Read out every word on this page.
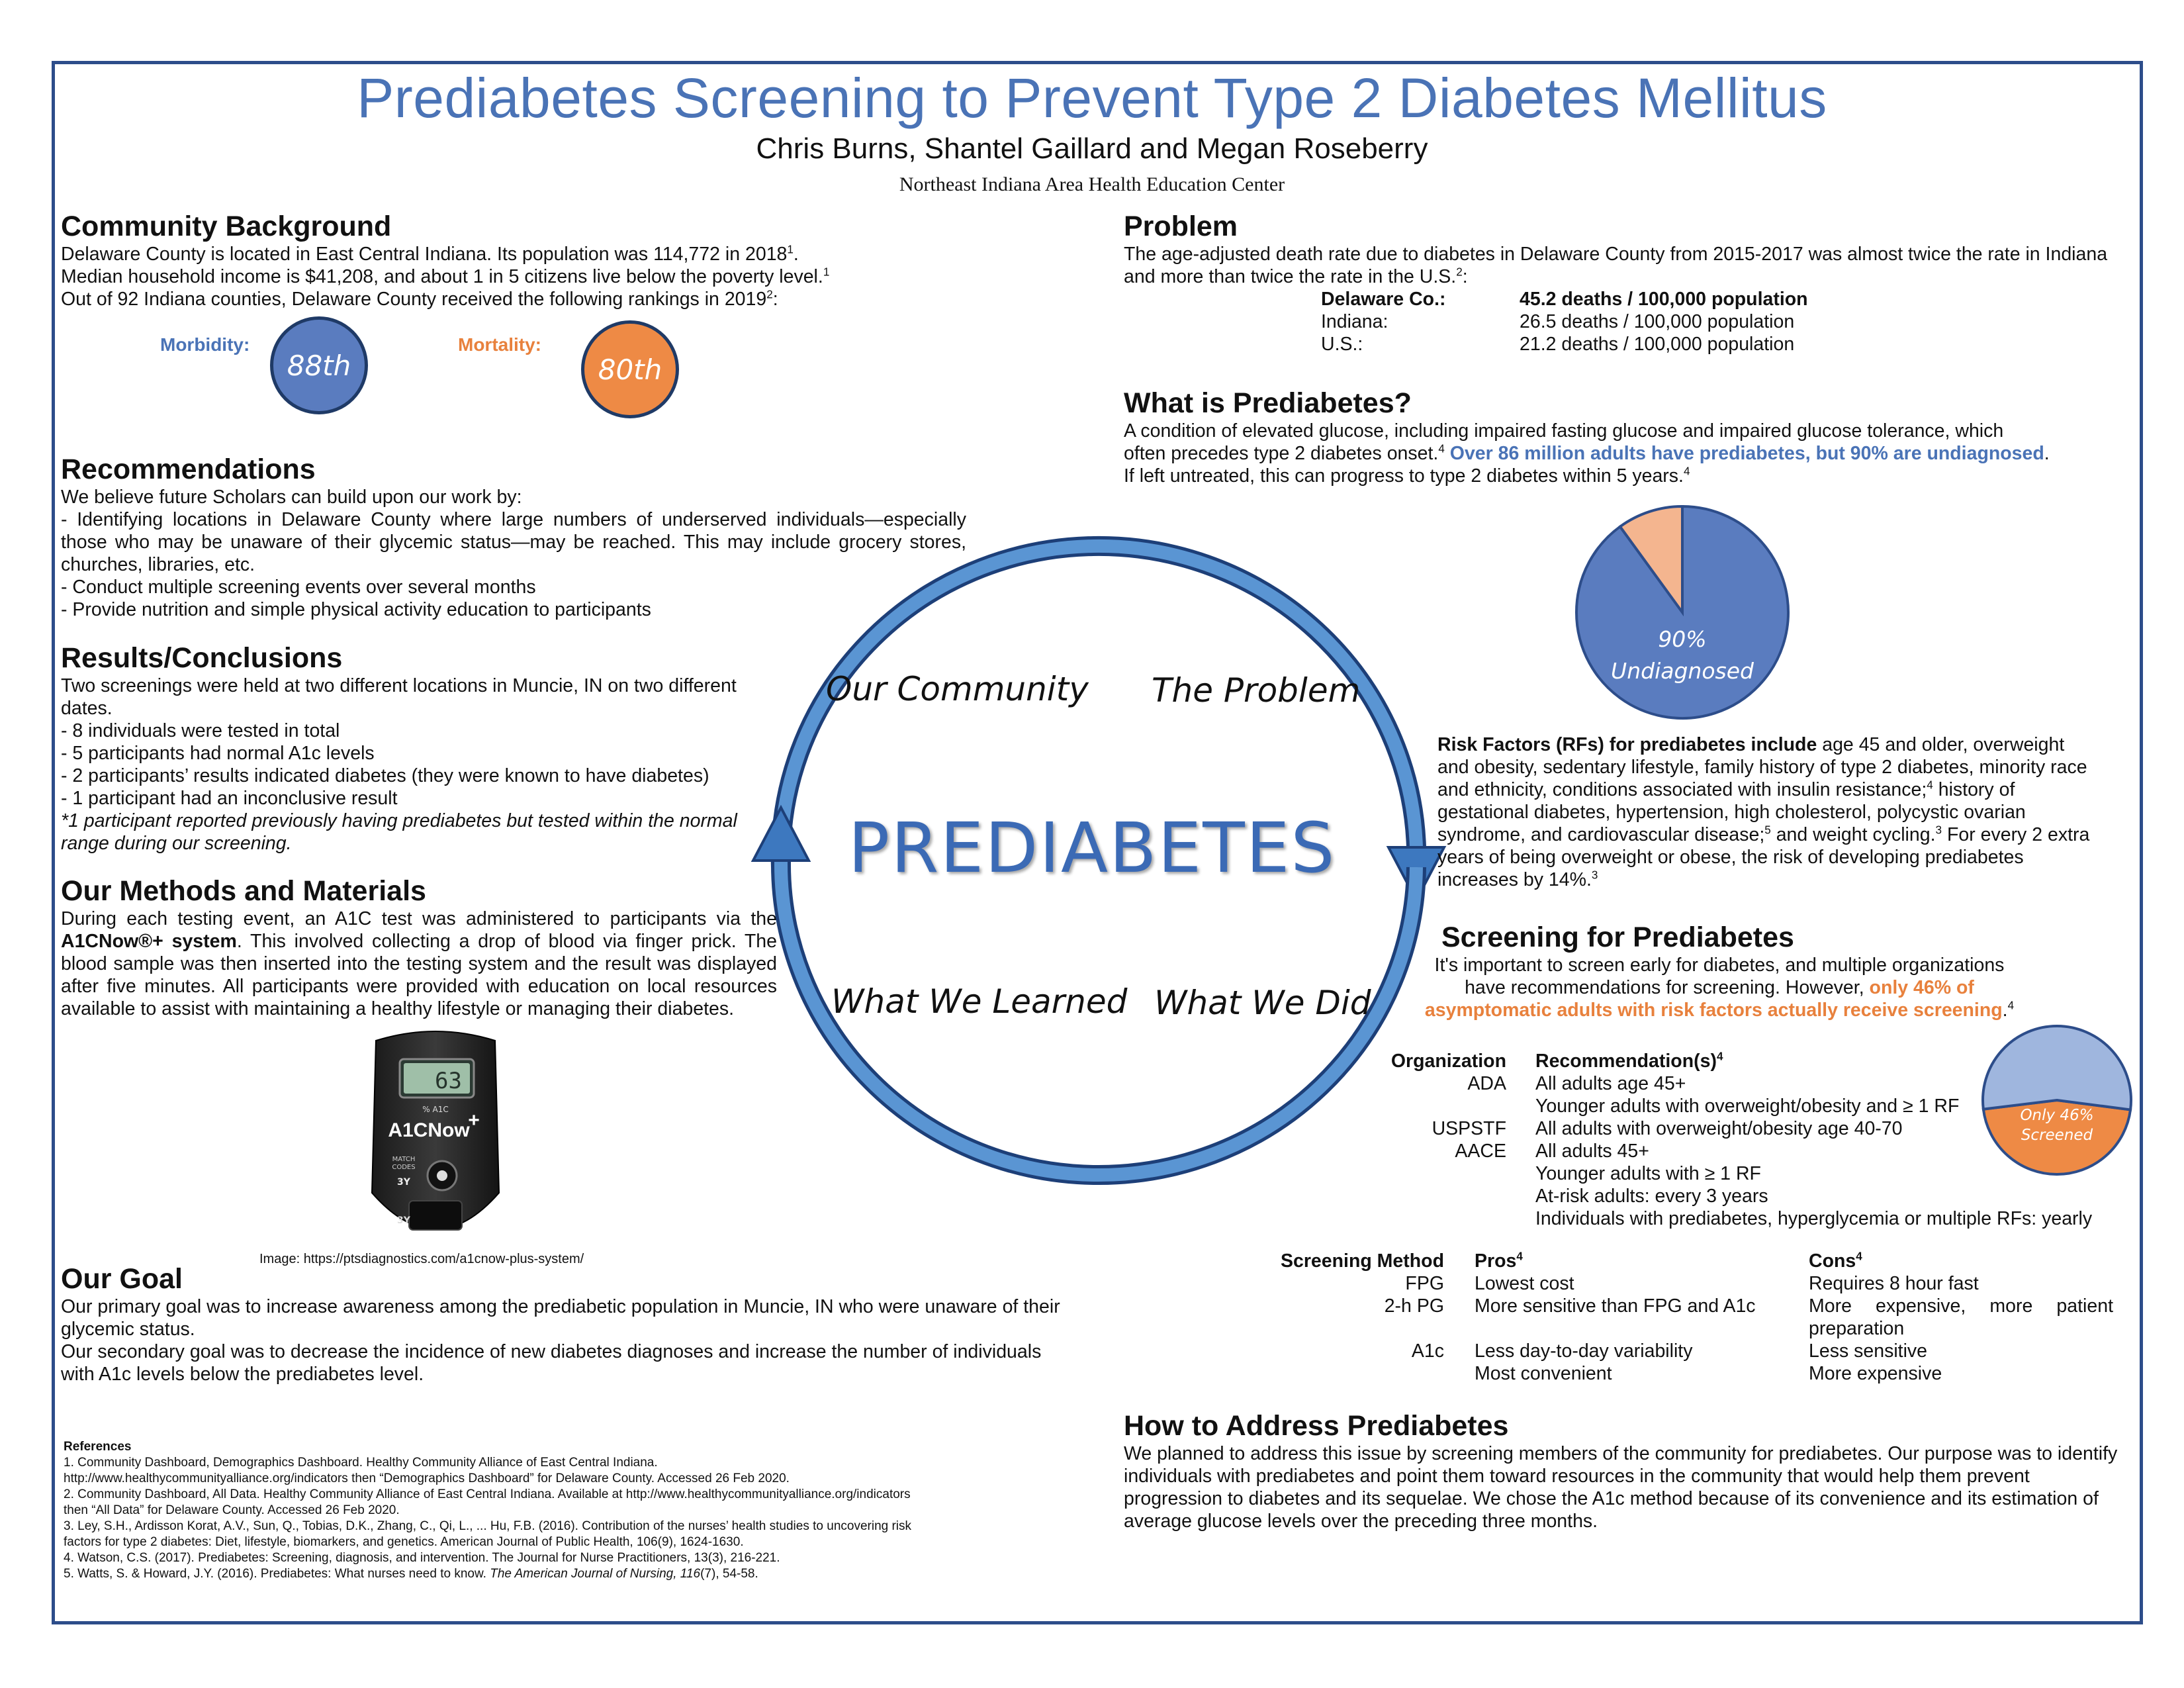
Prediabetes Screening to Prevent Type 2 Diabetes Mellitus
Chris Burns, Shantel Gaillard and Megan Roseberry
Northeast Indiana Area Health Education Center
Community Background

Delaware County is located in East Central Indiana. Its population was 114,772 in 2018$^1$.

Median household income is $41,208, and about 1 in 5 citizens live below the poverty level.$^1$

Out of 92 Indiana counties, Delaware County received the following rankings in 2019$^2$:

Morbidity:
88th
Mortality:
80th
Recommendations

We believe future Scholars can build upon our work by:

- Identifying locations in Delaware County where large numbers of underserved individuals—especially those who may be unaware of their glycemic status—may be reached. This may include grocery stores, churches, libraries, etc.

- Conduct multiple screening events over several months

- Provide nutrition and simple physical activity education to participants

Results/Conclusions

Two screenings were held at two different locations in Muncie, IN on two different dates.

- 8 individuals were tested in total

- 5 participants had normal A1c levels

- 2 participants’ results indicated diabetes (they were known to have diabetes)

- 1 participant had an inconclusive result

*1 participant reported previously having prediabetes but tested within the normal range during our screening.

Our Methods and Materials

During each testing event, an A1C test was administered to participants via the A1CNow®+ system. This involved collecting a drop of blood via finger prick. The blood sample was then inserted into the testing system and the result was displayed after five minutes. All participants were provided with education on local resources available to assist with maintaining a healthy lifestyle or managing their diabetes.

63
% A1C
A1CNow
+
MATCH
CODES
3Y
3Y
Image: https://ptsdiagnostics.com/a1cnow-plus-system/
Our Goal

Our primary goal was to increase awareness among the prediabetic population in Muncie, IN who were unaware of their glycemic status.

Our secondary goal was to decrease the incidence of new diabetes diagnoses and increase the number of individuals with A1c levels below the prediabetes level.

References

1. Community Dashboard, Demographics Dashboard. Healthy Community Alliance of East Central Indiana. http://www.healthycommunityalliance.org/indicators then “Demographics Dashboard” for Delaware County. Accessed 26 Feb 2020.

2. Community Dashboard, All Data. Healthy Community Alliance of East Central Indiana. Available at http://www.healthycommunityalliance.org/indicators then “All Data” for Delaware County. Accessed 26 Feb 2020.

3. Ley, S.H., Ardisson Korat, A.V., Sun, Q., Tobias, D.K., Zhang, C., Qi, L., ... Hu, F.B. (2016). Contribution of the nurses’ health studies to uncovering risk factors for type 2 diabetes: Diet, lifestyle, biomarkers, and genetics. American Journal of Public Health, 106(9), 1624-1630.

4. Watson, C.S. (2017). Prediabetes: Screening, diagnosis, and intervention. The Journal for Nurse Practitioners, 13(3), 216-221.

5. Watts, S. & Howard, J.Y. (2016). Prediabetes: What nurses need to know. The American Journal of Nursing, 116(7), 54-58.

Our Community The Problem
What We Learned What We Did
PREDIABETES
Problem

The age-adjusted death rate due to diabetes in Delaware County from 2015-2017 was almost twice the rate in Indiana and more than twice the rate in the U.S.$^2$:

Delaware Co.:	45.2 deaths / 100,000 population
Indiana:	26.5 deaths / 100,000 population
U.S.:	21.2 deaths / 100,000 population
What is Prediabetes?

A condition of elevated glucose, including impaired fasting glucose and impaired glucose tolerance, which often precedes type 2 diabetes onset.$^4$ Over 86 million adults have prediabetes, but 90% are undiagnosed. If left untreated, this can progress to type 2 diabetes within 5 years.$^4$

90%
Undiagnosed

Risk Factors (RFs) for prediabetes include age 45 and older, overweight and obesity, sedentary lifestyle, family history of type 2 diabetes, minority race and ethnicity, conditions associated with insulin resistance;$^4$ history of gestational diabetes, hypertension, high cholesterol, polycystic ovarian syndrome, and cardiovascular disease;$^5$ and weight cycling.$^3$ For every 2 extra years of being overweight or obese, the risk of developing prediabetes increases by 14%.$^3$

Screening for Prediabetes

It's important to screen early for diabetes, and multiple organizations have recommendations for screening. However, only 46% of asymptomatic adults with risk factors actually receive screening.$^4$

Only 46%
Screened
Organization	$Recommendation(s)^4$
ADA	All adults age 45+
	Younger adults with overweight/obesity and ≥ 1 RF
USPSTF	All adults with overweight/obesity age 40-70
AACE	All adults 45+
	Younger adults with ≥ 1 RF
	At-risk adults: every 3 years
	Individuals with prediabetes, hyperglycemia or multiple RFs: yearly
Screening Method	Pros$^4$	Cons$^4$
FPG	Lowest cost	Requires 8 hour fast
2-h PG	More sensitive than FPG and A1c	More expensive, more patient preparation
A1c	Less day-to-day variability	Less sensitive
	Most convenient	More expensive
How to Address Prediabetes

We planned to address this issue by screening members of the community for prediabetes. Our purpose was to identify individuals with prediabetes and point them toward resources in the community that would help them prevent progression to diabetes and its sequelae. We chose the A1c method because of its convenience and its estimation of average glucose levels over the preceding three months.
